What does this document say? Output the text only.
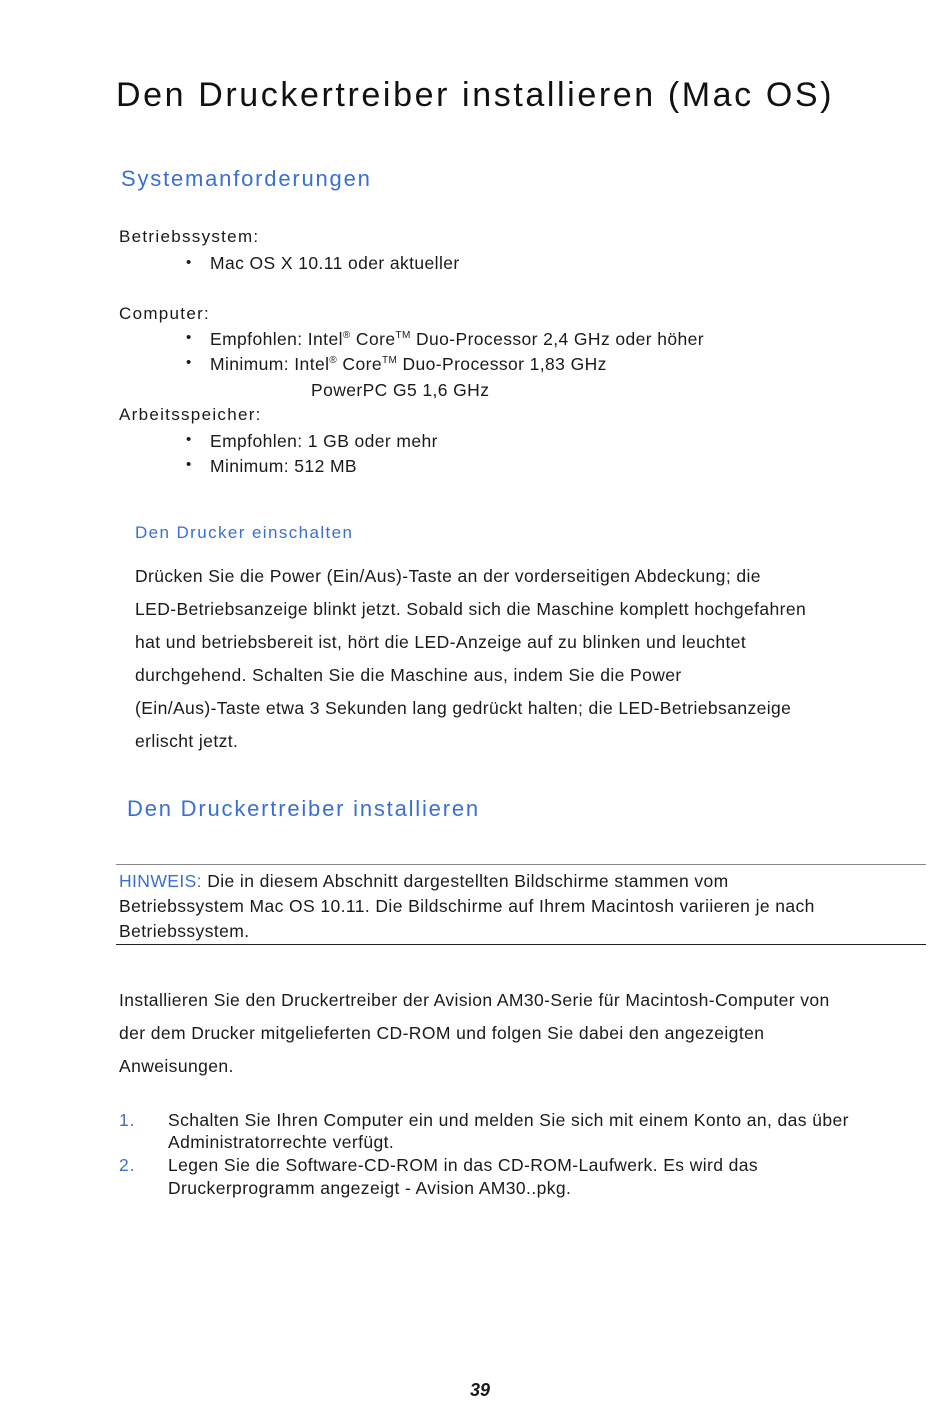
Den Druckertreiber installieren (Mac OS)
Systemanforderungen
Betriebssystem:
• Mac OS X 10.11 oder aktueller
Computer:
• Empfohlen: Intel® Core™ Duo-Processor 2,4 GHz oder höher
• Minimum: Intel® Core™ Duo-Processor 1,83 GHz
PowerPC G5 1,6 GHz
Arbeitsspeicher:
• Empfohlen: 1 GB oder mehr
• Minimum: 512 MB
Den Drucker einschalten
Drücken Sie die Power (Ein/Aus)-Taste an der vorderseitigen Abdeckung; die
LED-Betriebsanzeige blinkt jetzt. Sobald sich die Maschine komplett hochgefahren
hat und betriebsbereit ist, hört die LED-Anzeige auf zu blinken und leuchtet
durchgehend. Schalten Sie die Maschine aus, indem Sie die Power
(Ein/Aus)-Taste etwa 3 Sekunden lang gedrückt halten; die LED-Betriebsanzeige
erlischt jetzt.
Den Druckertreiber installieren
HINWEIS: Die in diesem Abschnitt dargestellten Bildschirme stammen vom
Betriebssystem Mac OS 10.11. Die Bildschirme auf Ihrem Macintosh variieren je nach
Betriebssystem.
Installieren Sie den Druckertreiber der Avision AM30-Serie für Macintosh-Computer von
der dem Drucker mitgelieferten CD-ROM und folgen Sie dabei den angezeigten
Anweisungen.
1. Schalten Sie Ihren Computer ein und melden Sie sich mit einem Konto an, das über
Administratorrechte verfügt.
2. Legen Sie die Software-CD-ROM in das CD-ROM-Laufwerk. Es wird das
Druckerprogramm angezeigt - Avision AM30..pkg.
39
